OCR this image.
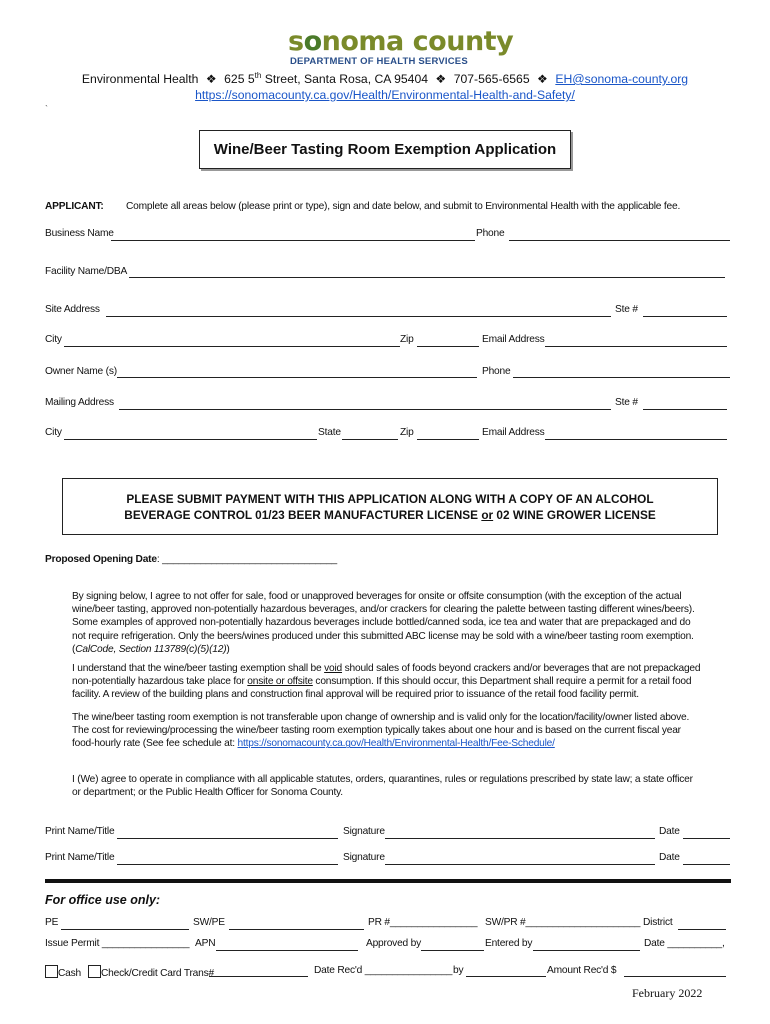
sonoma county
DEPARTMENT OF HEALTH SERVICES
Environmental Health ❖ 625 5th Street, Santa Rosa, CA 95404 ❖ 707-565-6565 ❖ EH@sonoma-county.org
https://sonomacounty.ca.gov/Health/Environmental-Health-and-Safety/
`
Wine/Beer Tasting Room Exemption Application
APPLICANT: Complete all areas below (please print or type), sign and date below, and submit to Environmental Health with the applicable fee.
Business Name	Phone
Facility Name/DBA
Site Address	Ste #
City	Zip	Email Address
Owner Name (s)	Phone
Mailing Address	Ste #
City	State	Zip	Email Address
PLEASE SUBMIT PAYMENT WITH THIS APPLICATION ALONG WITH A COPY OF AN ALCOHOL
BEVERAGE CONTROL 01/23 BEER MANUFACTURER LICENSE or 02 WINE GROWER LICENSE
Proposed Opening Date: ________________________________
By signing below, I agree to not offer for sale, food or unapproved beverages for onsite or offsite consumption (with the exception of the actual wine/beer tasting, approved non-potentially hazardous beverages, and/or crackers for clearing the palette between tasting different wines/beers). Some examples of approved non-potentially hazardous beverages include bottled/canned soda, ice tea and water that are prepackaged and do not require refrigeration. Only the beers/wines produced under this submitted ABC license may be sold with a wine/beer tasting room exemption. (CalCode, Section 113789(c)(5)(12))
I understand that the wine/beer tasting exemption shall be void should sales of foods beyond crackers and/or beverages that are not prepackaged non-potentially hazardous take place for onsite or offsite consumption. If this should occur, this Department shall require a permit for a retail food facility. A review of the building plans and construction final approval will be required prior to issuance of the retail food facility permit.
The wine/beer tasting room exemption is not transferable upon change of ownership and is valid only for the location/facility/owner listed above. The cost for reviewing/processing the wine/beer tasting room exemption typically takes about one hour and is based on the current fiscal year food-hourly rate (See fee schedule at: https://sonomacounty.ca.gov/Health/Environmental-Health/Fee-Schedule/
I (We) agree to operate in compliance with all applicable statutes, orders, quarantines, rules or regulations prescribed by state law; a state officer or department; or the Public Health Officer for Sonoma County.
Print Name/Title	Signature	Date
Print Name/Title	Signature	Date
For office use only:
PE	SW/PE	PR #________________ SW/PR #_____________________ District
Issue Permit ________________ APN	Approved by	Entered by	Date __________,
Cash	Check/Credit Card Trans#	Date Rec'd ________________ by	Amount Rec'd $
February 2022
